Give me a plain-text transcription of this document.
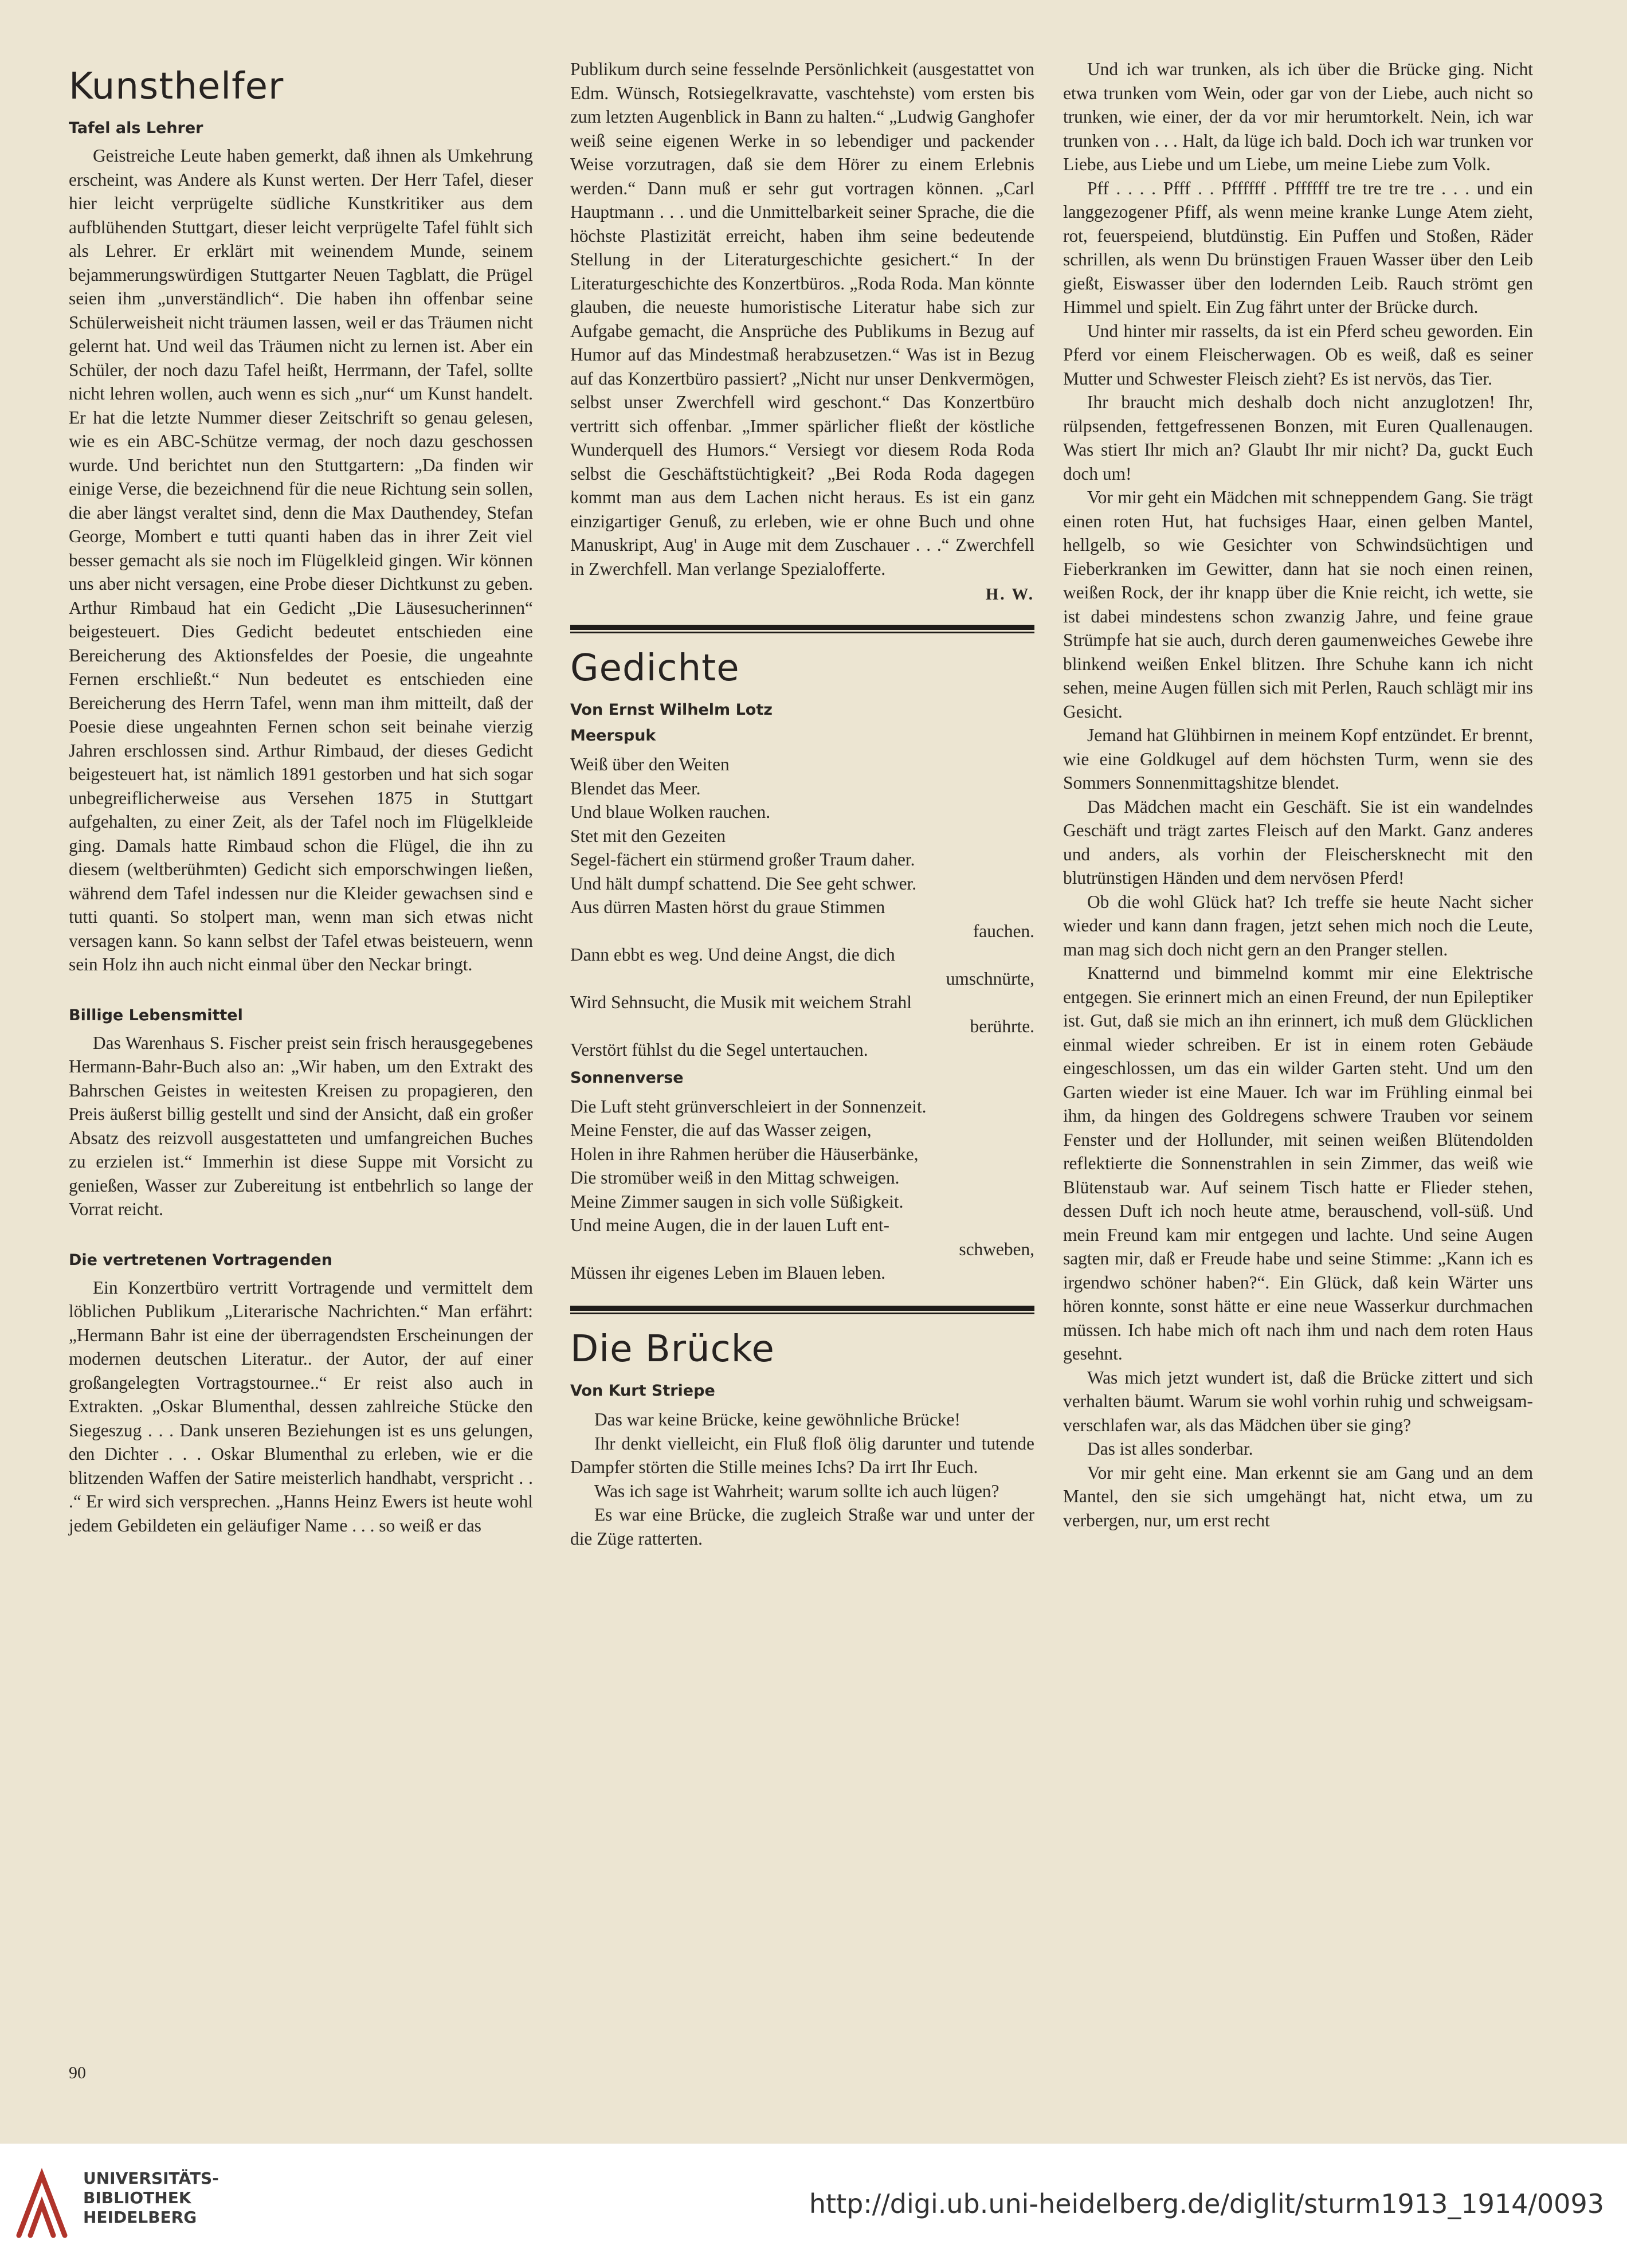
Kunsthelfer
Tafel als Lehrer

Geistreiche Leute haben gemerkt, daß ihnen als Umkehrung erscheint, was Andere als Kunst werten. Der Herr Tafel, dieser hier leicht verprügelte südliche Kunstkritiker aus dem aufblühenden Stuttgart, dieser leicht verprügelte Tafel fühlt sich als Lehrer. Er erklärt mit weinendem Munde, seinem bejammerungswürdigen Stuttgarter Neuen Tagblatt, die Prügel seien ihm „unverständlich“. Die haben ihn offenbar seine Schülerweisheit nicht träumen lassen, weil er das Träumen nicht gelernt hat. Und weil das Träumen nicht zu lernen ist. Aber ein Schüler, der noch dazu Tafel heißt, Herrmann, der Tafel, sollte nicht lehren wollen, auch wenn es sich „nur“ um Kunst handelt. Er hat die letzte Nummer dieser Zeitschrift so genau gelesen, wie es ein ABC-Schütze vermag, der noch dazu geschossen wurde. Und berichtet nun den Stuttgartern: „Da finden wir einige Verse, die bezeichnend für die neue Richtung sein sollen, die aber längst veraltet sind, denn die Max Dauthendey, Stefan George, Mombert e tutti quanti haben das in ihrer Zeit viel besser gemacht als sie noch im Flügelkleid gingen. Wir können uns aber nicht versagen, eine Probe dieser Dichtkunst zu geben. Arthur Rimbaud hat ein Gedicht „Die Läusesucherinnen“ beigesteuert. Dies Gedicht bedeutet entschieden eine Bereicherung des Aktionsfeldes der Poesie, die ungeahnte Fernen erschließt.“ Nun bedeutet es entschieden eine Bereicherung des Herrn Tafel, wenn man ihm mitteilt, daß der Poesie diese ungeahnten Fernen schon seit beinahe vierzig Jahren erschlossen sind. Arthur Rimbaud, der dieses Gedicht beigesteuert hat, ist nämlich 1891 gestorben und hat sich sogar unbegreiflicherweise aus Versehen 1875 in Stuttgart aufgehalten, zu einer Zeit, als der Tafel noch im Flügelkleide ging. Damals hatte Rimbaud schon die Flügel, die ihn zu diesem (weltberühmten) Gedicht sich emporschwingen ließen, während dem Tafel indessen nur die Kleider gewachsen sind e tutti quanti. So stolpert man, wenn man sich etwas nicht versagen kann. So kann selbst der Tafel etwas beisteuern, wenn sein Holz ihn auch nicht einmal über den Neckar bringt.

Billige Lebensmittel

Das Warenhaus S. Fischer preist sein frisch herausgegebenes Hermann-Bahr-Buch also an: „Wir haben, um den Extrakt des Bahrschen Geistes in weitesten Kreisen zu propagieren, den Preis äußerst billig gestellt und sind der Ansicht, daß ein großer Absatz des reizvoll ausgestatteten und umfangreichen Buches zu erzielen ist.“ Immerhin ist diese Suppe mit Vorsicht zu genießen, Wasser zur Zubereitung ist entbehrlich so lange der Vorrat reicht.

Die vertretenen Vortragenden

Ein Konzertbüro vertritt Vortragende und vermittelt dem löblichen Publikum „Literarische Nachrichten.“ Man erfährt: „Hermann Bahr ist eine der überragendsten Erscheinungen der modernen deutschen Literatur.. der Autor, der auf einer großangelegten Vortragstournee..“ Er reist also auch in Extrakten. „Oskar Blumenthal, dessen zahlreiche Stücke den Siegeszug . . . Dank unseren Beziehungen ist es uns gelungen, den Dichter . . . Oskar Blumenthal zu erleben, wie er die blitzenden Waffen der Satire meisterlich handhabt, verspricht . . .“ Er wird sich versprechen. „Hanns Heinz Ewers ist heute wohl jedem Gebildeten ein geläufiger Name . . . so weiß er das

Publikum durch seine fesselnde Persönlichkeit (ausgestattet von Edm. Wünsch, Rotsiegelkravatte, vaschtehste) vom ersten bis zum letzten Augenblick in Bann zu halten.“ „Ludwig Ganghofer weiß seine eigenen Werke in so lebendiger und packender Weise vorzutragen, daß sie dem Hörer zu einem Erlebnis werden.“ Dann muß er sehr gut vortragen können. „Carl Hauptmann . . . und die Unmittelbarkeit seiner Sprache, die die höchste Plastizität erreicht, haben ihm seine bedeutende Stellung in der Literaturgeschichte gesichert.“ In der Literaturgeschichte des Konzertbüros. „Roda Roda. Man könnte glauben, die neueste humoristische Literatur habe sich zur Aufgabe gemacht, die Ansprüche des Publikums in Bezug auf Humor auf das Mindestmaß herabzusetzen.“ Was ist in Bezug auf das Konzertbüro passiert? „Nicht nur unser Denkvermögen, selbst unser Zwerchfell wird geschont.“ Das Konzertbüro vertritt sich offenbar. „Immer spärlicher fließt der köstliche Wunderquell des Humors.“ Versiegt vor diesem Roda Roda selbst die Geschäftstüchtigkeit? „Bei Roda Roda dagegen kommt man aus dem Lachen nicht heraus. Es ist ein ganz einzigartiger Genuß, zu erleben, wie er ohne Buch und ohne Manuskript, Aug' in Auge mit dem Zuschauer . . .“ Zwerchfell in Zwerchfell. Man verlange Spezialofferte.

H. W.
Gedichte
Von Ernst Wilhelm Lotz
Meerspuk
Weiß über den Weiten
Blendet das Meer.
Und blaue Wolken rauchen.
Stet mit den Gezeiten
Segel-fächert ein stürmend großer Traum daher.
Und hält dumpf schattend. Die See geht schwer.
Aus dürren Masten hörst du graue Stimmen
fauchen.
Dann ebbt es weg. Und deine Angst, die dich
umschnürte,
Wird Sehnsucht, die Musik mit weichem Strahl
berührte.
Verstört fühlst du die Segel untertauchen.
Sonnenverse
Die Luft steht grünverschleiert in der Sonnenzeit.
Meine Fenster, die auf das Wasser zeigen,
Holen in ihre Rahmen herüber die Häuserbänke,
Die stromüber weiß in den Mittag schweigen.
Meine Zimmer saugen in sich volle Süßigkeit.
Und meine Augen, die in der lauen Luft ent-
schweben,
Müssen ihr eigenes Leben im Blauen leben.
Die Brücke
Von Kurt Striepe

Das war keine Brücke, keine gewöhnliche Brücke!

Ihr denkt vielleicht, ein Fluß floß ölig darunter und tutende Dampfer störten die Stille meines Ichs? Da irrt Ihr Euch.

Was ich sage ist Wahrheit; warum sollte ich auch lügen?

Es war eine Brücke, die zugleich Straße war und unter der die Züge ratterten.

Und ich war trunken, als ich über die Brücke ging. Nicht etwa trunken vom Wein, oder gar von der Liebe, auch nicht so trunken, wie einer, der da vor mir herumtorkelt. Nein, ich war trunken von . . . Halt, da lüge ich bald. Doch ich war trunken vor Liebe, aus Liebe und um Liebe, um meine Liebe zum Volk.

Pff . . . . Pfff . . Pffffff . Pffffff tre tre tre tre . . . und ein langgezogener Pfiff, als wenn meine kranke Lunge Atem zieht, rot, feuerspeiend, blutdünstig. Ein Puffen und Stoßen, Räder schrillen, als wenn Du brünstigen Frauen Wasser über den Leib gießt, Eiswasser über den lodernden Leib. Rauch strömt gen Himmel und spielt. Ein Zug fährt unter der Brücke durch.

Und hinter mir rasselts, da ist ein Pferd scheu geworden. Ein Pferd vor einem Fleischerwagen. Ob es weiß, daß es seiner Mutter und Schwester Fleisch zieht? Es ist nervös, das Tier.

Ihr braucht mich deshalb doch nicht anzuglotzen! Ihr, rülpsenden, fettgefressenen Bonzen, mit Euren Quallenaugen. Was stiert Ihr mich an? Glaubt Ihr mir nicht? Da, guckt Euch doch um!

Vor mir geht ein Mädchen mit schneppendem Gang. Sie trägt einen roten Hut, hat fuchsiges Haar, einen gelben Mantel, hellgelb, so wie Gesichter von Schwindsüchtigen und Fieberkranken im Gewitter, dann hat sie noch einen reinen, weißen Rock, der ihr knapp über die Knie reicht, ich wette, sie ist dabei mindestens schon zwanzig Jahre, und feine graue Strümpfe hat sie auch, durch deren gaumenweiches Gewebe ihre blinkend weißen Enkel blitzen. Ihre Schuhe kann ich nicht sehen, meine Augen füllen sich mit Perlen, Rauch schlägt mir ins Gesicht.

Jemand hat Glühbirnen in meinem Kopf entzündet. Er brennt, wie eine Goldkugel auf dem höchsten Turm, wenn sie des Sommers Sonnenmittagshitze blendet.

Das Mädchen macht ein Geschäft. Sie ist ein wandelndes Geschäft und trägt zartes Fleisch auf den Markt. Ganz anderes und anders, als vorhin der Fleischersknecht mit den blutrünstigen Händen und dem nervösen Pferd!

Ob die wohl Glück hat? Ich treffe sie heute Nacht sicher wieder und kann dann fragen, jetzt sehen mich noch die Leute, man mag sich doch nicht gern an den Pranger stellen.

Knatternd und bimmelnd kommt mir eine Elektrische entgegen. Sie erinnert mich an einen Freund, der nun Epileptiker ist. Gut, daß sie mich an ihn erinnert, ich muß dem Glücklichen einmal wieder schreiben. Er ist in einem roten Gebäude eingeschlossen, um das ein wilder Garten steht. Und um den Garten wieder ist eine Mauer. Ich war im Frühling einmal bei ihm, da hingen des Goldregens schwere Trauben vor seinem Fenster und der Hollunder, mit seinen weißen Blütendolden reflektierte die Sonnenstrahlen in sein Zimmer, das weiß wie Blütenstaub war. Auf seinem Tisch hatte er Flieder stehen, dessen Duft ich noch heute atme, berauschend, voll-süß. Und mein Freund kam mir entgegen und lachte. Und seine Augen sagten mir, daß er Freude habe und seine Stimme: „Kann ich es irgendwo schöner haben?“. Ein Glück, daß kein Wärter uns hören konnte, sonst hätte er eine neue Wasserkur durchmachen müssen. Ich habe mich oft nach ihm und nach dem roten Haus gesehnt.

Was mich jetzt wundert ist, daß die Brücke zittert und sich verhalten bäumt. Warum sie wohl vorhin ruhig und schweigsam-verschlafen war, als das Mädchen über sie ging?

Das ist alles sonderbar.

Vor mir geht eine. Man erkennt sie am Gang und an dem Mantel, den sie sich umgehängt hat, nicht etwa, um zu verbergen, nur, um erst recht

90
UNIVERSITÄTS-
BIBLIOTHEK
HEIDELBERG	http://digi.ub.uni-heidelberg.de/diglit/sturm1913_1914/0093
